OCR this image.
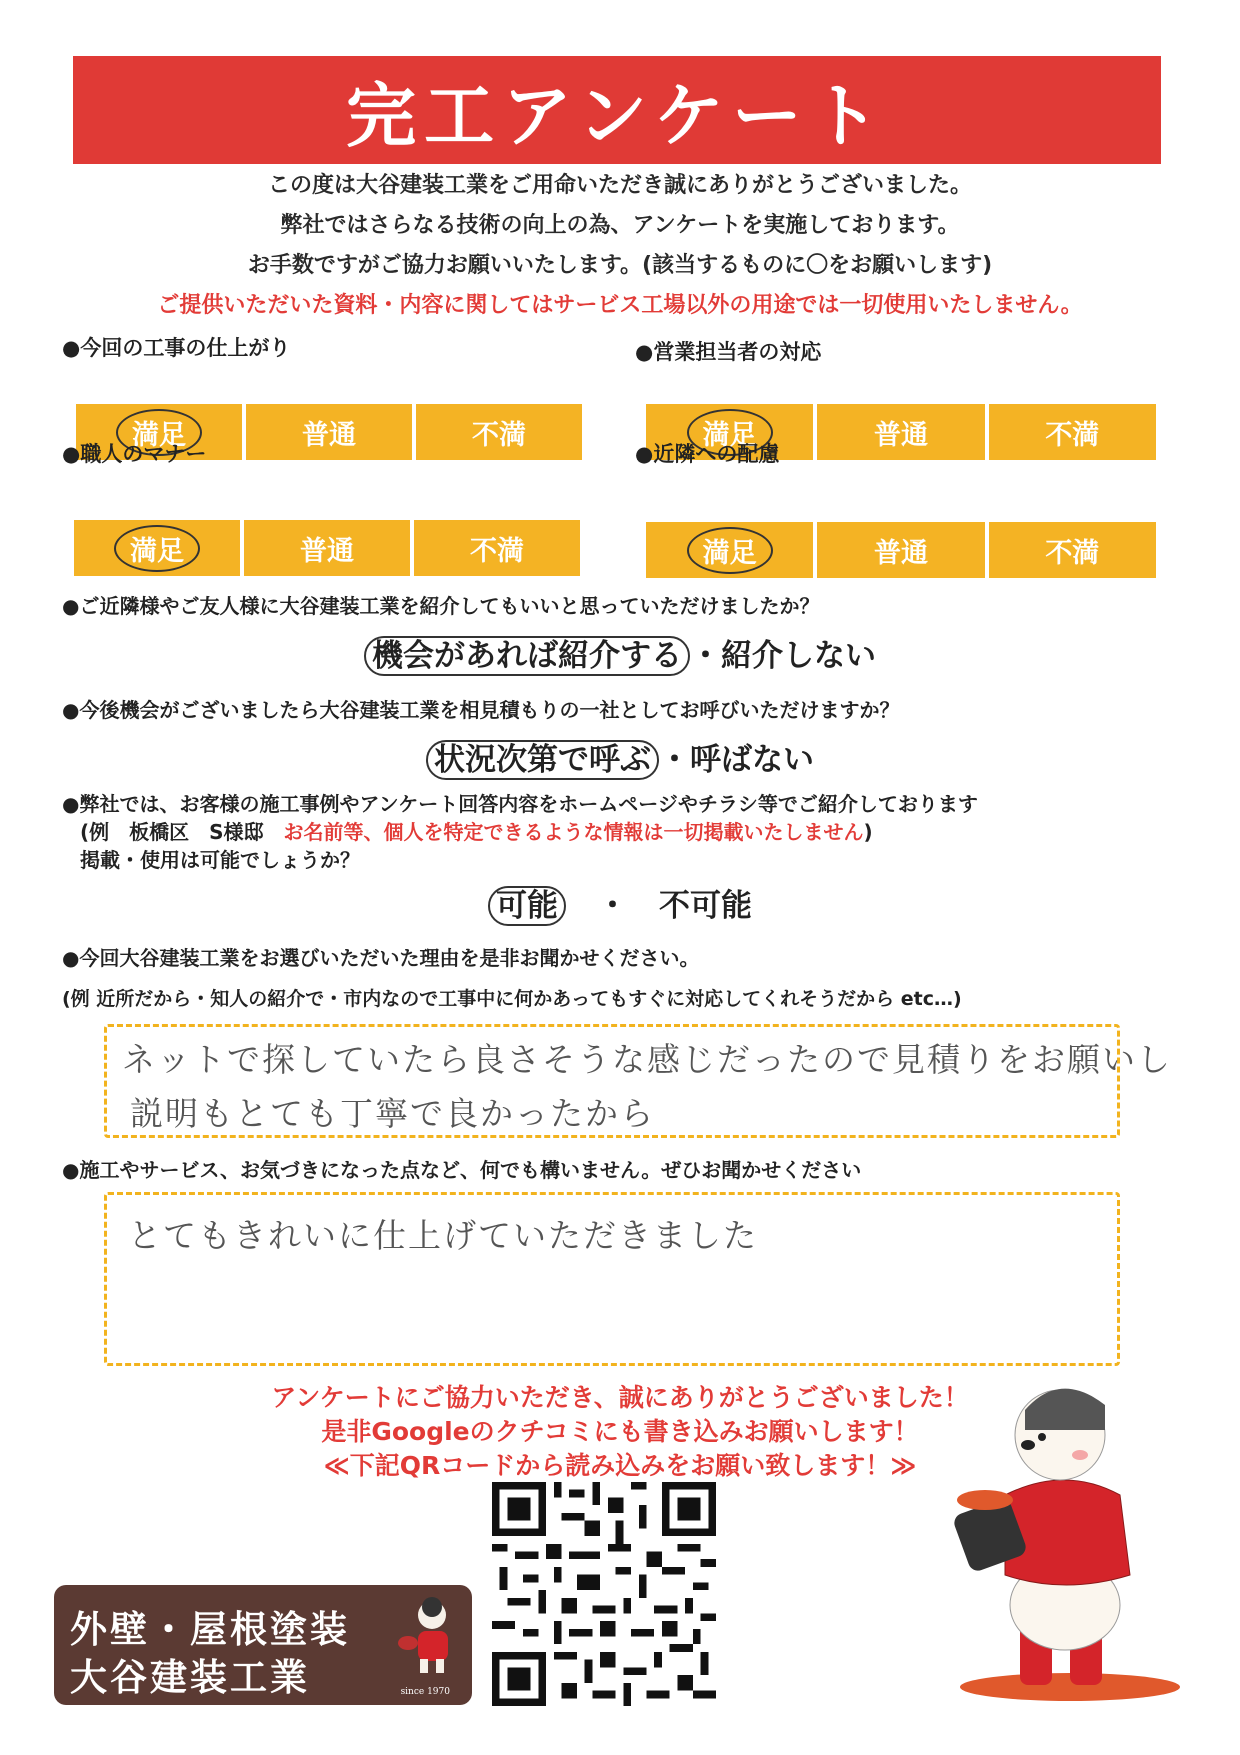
完工アンケート
この度は大谷建装工業をご用命いただき誠にありがとうございました。
弊社ではさらなる技術の向上の為、アンケートを実施しております。
お手数ですがご協力お願いいたします。(該当するものに〇をお願いします)
ご提供いただいた資料・内容に関してはサービス工場以外の用途では一切使用いたしません。
●今回の工事の仕上がり
満足	普通	不満
●営業担当者の対応
満足	普通	不満
●職人のマナー
満足	普通	不満
●近隣への配慮
満足	普通	不満
●ご近隣様やご友人様に大谷建装工業を紹介してもいいと思っていただけましたか？
機会があれば紹介する ・紹介しない
●今後機会がございましたら大谷建装工業を相見積もりの一社としてお呼びいただけますか？
状況次第で呼ぶ ・呼ばない
●弊社では、お客様の施工事例やアンケート回答内容をホームページやチラシ等でご紹介しております
(例　板橋区　S様邸　お名前等、個人を特定できるような情報は一切掲載いたしません)
掲載・使用は可能でしょうか？
可能　 ・　 不可能
●今回大谷建装工業をお選びいただいた理由を是非お聞かせください。
(例 近所だから・知人の紹介で・市内なので工事中に何かあってもすぐに対応してくれそうだから etc…)
ネットで探していたら良さそうな感じだったので見積りをお願いし
説明もとても丁寧で良かったから
●施工やサービス、お気づきになった点など、何でも構いません。ぜひお聞かせください
とてもきれいに仕上げていただきました
アンケートにご協力いただき、誠にありがとうございました！
是非Googleのクチコミにも書き込みお願いします！
≪下記QRコードから読み込みをお願い致します！≫
外壁・屋根塗装
大谷建装工業	since 1970
